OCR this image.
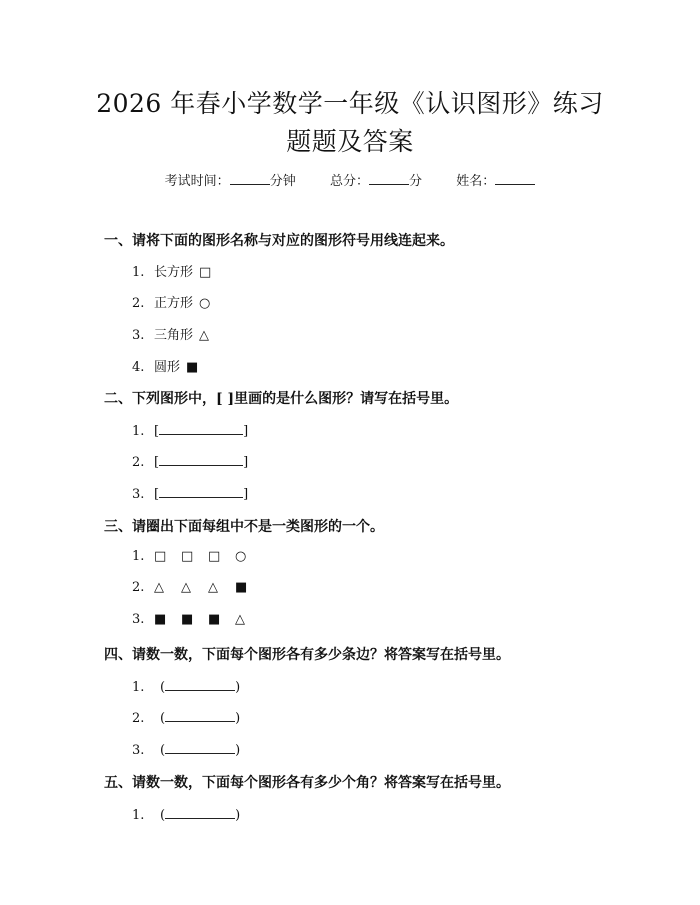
2026 年春小学数学一年级《认识图形》练习
题题及答案
考试时间：	分钟	总分：	分	姓名：
一、请将下面的图形名称与对应的图形符号用线连起来。
1. 长方形 □
2. 正方形 ○
3. 三角形 △
4. 圆形 ■
二、下列图形中，[ ]里画的是什么图形？请写在括号里。
1. [	]
2. [	]
3. [	]
三、请圈出下面每组中不是一类图形的一个。
1. □ □ □ ○
2. △ △ △ ■
3. ■ ■ ■ △
四、请数一数，下面每个图形各有多少条边？将答案写在括号里。
1. (	)
2. (	)
3. (	)
五、请数一数，下面每个图形各有多少个角？将答案写在括号里。
1. (	)
